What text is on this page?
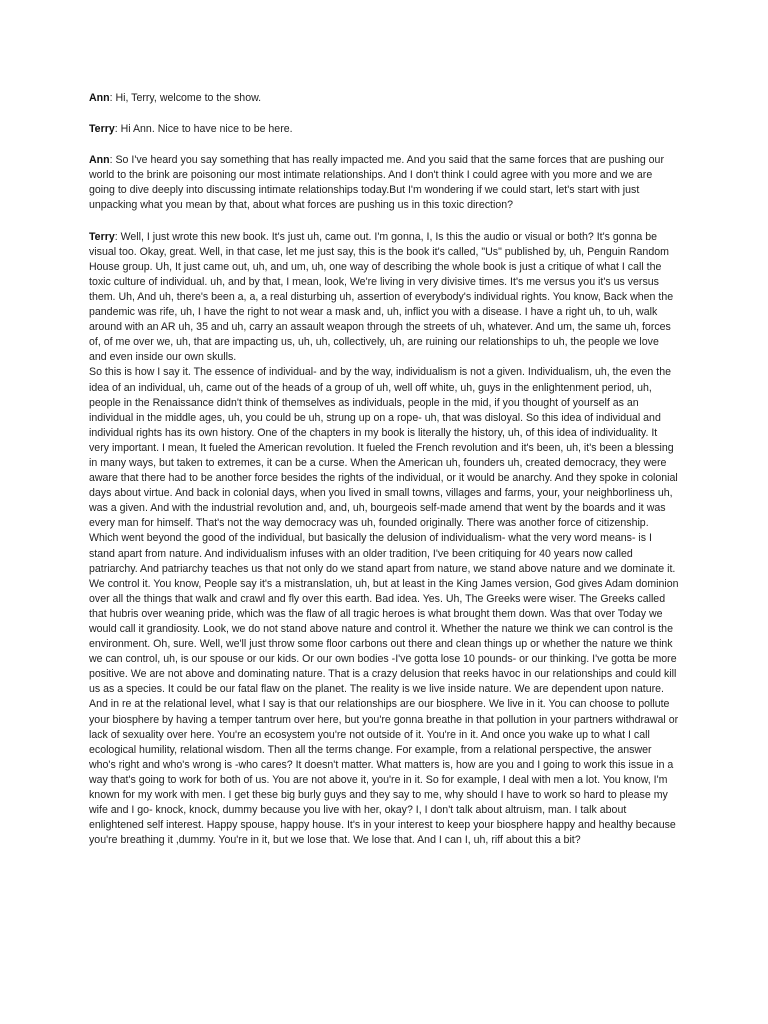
Ann: Hi, Terry, welcome to the show.

Terry: Hi Ann. Nice to have nice to be here.

Ann: So I've heard you say something that has really impacted me. And you said that the same forces that are pushing our world to the brink are poisoning our most intimate relationships. And I don't think I could agree with you more and we are going to dive deeply into discussing intimate relationships today.But I'm wondering if we could start, let's start with just unpacking what you mean by that, about what forces are pushing us in this toxic direction?

Terry: Well, I just wrote this new book. It's just uh, came out. I'm gonna, I, Is this the audio or visual or both? It's gonna be visual too. Okay, great. Well, in that case, let me just say, this is the book it's called, "Us" published by, uh, Penguin Random House group. Uh, It just came out, uh, and um, uh, one way of describing the whole book is just a critique of what I call the toxic culture of individual. uh, and by that, I mean, look, We're living in very divisive times. It's me versus you it's us versus them. Uh, And uh, there's been a, a, a real disturbing uh, assertion of everybody's individual rights. You know, Back when the pandemic was rife, uh, I have the right to not wear a mask and, uh, inflict you with a disease. I have a right uh, to uh, walk around with an AR uh, 35 and uh, carry an assault weapon through the streets of uh, whatever. And um, the same uh, forces of, of me over we, uh, that are impacting us, uh, uh, collectively, uh, are ruining our relationships to uh, the people we love and even inside our own skulls.

So this is how I say it. The essence of individual- and by the way, individualism is not a given. Individualism, uh, the even the idea of an individual, uh, came out of the heads of a group of uh, well off white, uh, guys in the enlightenment period, uh, people in the Renaissance didn't think of themselves as individuals, people in the mid, if you thought of yourself as an individual in the middle ages, uh, you could be uh, strung up on a rope- uh, that was disloyal. So this idea of individual and individual rights has its own history. One of the chapters in my book is literally the history, uh, of this idea of individuality. It very important. I mean, It fueled the American revolution. It fueled the French revolution and it's been, uh, it's been a blessing in many ways, but taken to extremes, it can be a curse. When the American uh, founders uh, created democracy, they were aware that there had to be another force besides the rights of the individual, or it would be anarchy. And they spoke in colonial days about virtue. And back in colonial days, when you lived in small towns, villages and farms, your, your neighborliness uh, was a given. And with the industrial revolution and, and, uh, bourgeois self-made amend that went by the boards and it was every man for himself. That's not the way democracy was uh, founded originally. There was another force of citizenship. Which went beyond the good of the individual, but basically the delusion of individualism- what the very word means- is I stand apart from nature. And individualism infuses with an older tradition, I've been critiquing for 40 years now called patriarchy. And patriarchy teaches us that not only do we stand apart from nature, we stand above nature and we dominate it. We control it. You know, People say it's a mistranslation, uh, but at least in the King James version, God gives Adam dominion over all the things that walk and crawl and fly over this earth. Bad idea. Yes. Uh, The Greeks were wiser. The Greeks called that hubris over weaning pride, which was the flaw of all tragic heroes is what brought them down. Was that over Today we would call it grandiosity. Look, we do not stand above nature and control it. Whether the nature we think we can control is the environment. Oh, sure. Well, we'll just throw some floor carbons out there and clean things up or whether the nature we think we can control, uh, is our spouse or our kids. Or our own bodies -I've gotta lose 10 pounds- or our thinking. I've gotta be more positive. We are not above and dominating nature. That is a crazy delusion that reeks havoc in our relationships and could kill us as a species. It could be our fatal flaw on the planet. The reality is we live inside nature. We are dependent upon nature. And in re at the relational level, what I say is that our relationships are our biosphere. We live in it. You can choose to pollute your biosphere by having a temper tantrum over here, but you're gonna breathe in that pollution in your partners withdrawal or lack of sexuality over here. You're an ecosystem you're not outside of it. You're in it. And once you wake up to what I call ecological humility, relational wisdom. Then all the terms change. For example, from a relational perspective, the answer who's right and who's wrong is -who cares? It doesn't matter. What matters is, how are you and I going to work this issue in a way that's going to work for both of us. You are not above it, you're in it. So for example, I deal with men a lot. You know, I'm known for my work with men. I get these big burly guys and they say to me, why should I have to work so hard to please my wife and I go- knock, knock, dummy because you live with her, okay? I, I don't talk about altruism, man. I talk about enlightened self interest. Happy spouse, happy house. It's in your interest to keep your biosphere happy and healthy because you're breathing it ,dummy. You're in it, but we lose that. We lose that. And I can I, uh, riff about this a bit?
